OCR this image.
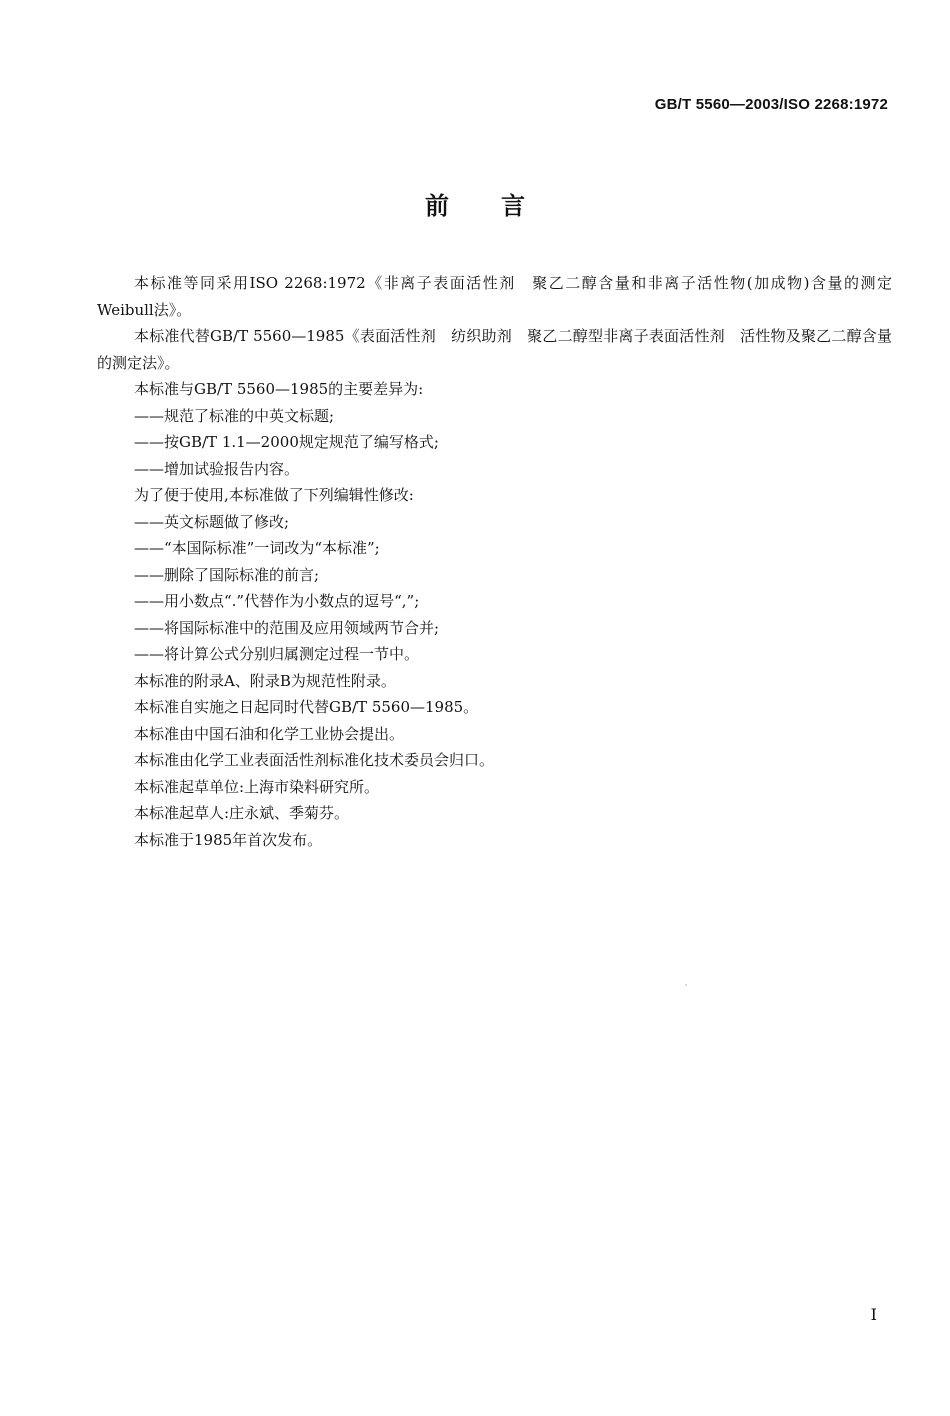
GB/T 5560—2003/ISO 2268:1972
前言

本标准等同采用ISO 2268:1972《非离子表面活性剂　聚乙二醇含量和非离子活性物(加成物)含量的测定　Weibull法》。

本标准代替GB/T 5560—1985《表面活性剂　纺织助剂　聚乙二醇型非离子表面活性剂　活性物及聚乙二醇含量的测定法》。

本标准与GB/T 5560—1985的主要差异为:

——规范了标准的中英文标题;

——按GB/T 1.1—2000规定规范了编写格式;

——增加试验报告内容。

为了便于使用,本标准做了下列编辑性修改:

——英文标题做了修改;

——“本国际标准”一词改为“本标准”;

——删除了国际标准的前言;

——用小数点“.”代替作为小数点的逗号“,”;

——将国际标准中的范围及应用领域两节合并;

——将计算公式分别归属测定过程一节中。

本标准的附录A、附录B为规范性附录。

本标准自实施之日起同时代替GB/T 5560—1985。

本标准由中国石油和化学工业协会提出。

本标准由化学工业表面活性剂标准化技术委员会归口。

本标准起草单位:上海市染料研究所。

本标准起草人:庄永斌、季菊芬。

本标准于1985年首次发布。

I
